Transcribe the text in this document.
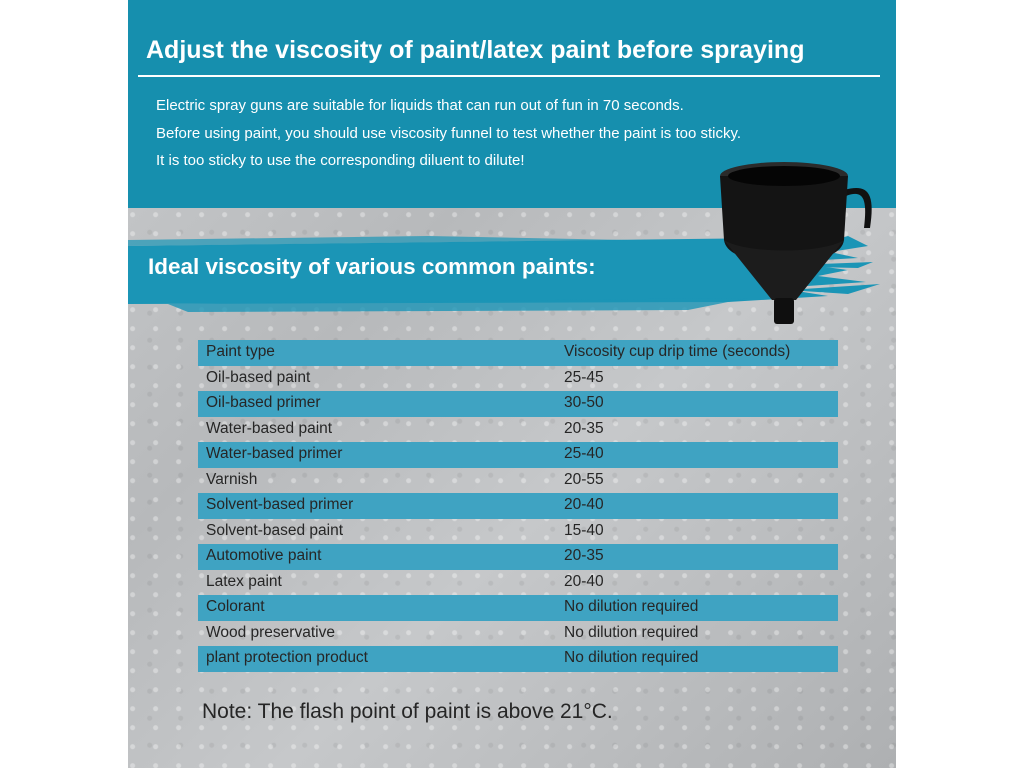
Adjust the viscosity of paint/latex paint before spraying
Electric spray guns are suitable for liquids that can run out of fun in 70 seconds.
Before using paint, you should use viscosity funnel to test whether the paint is too sticky.
It is too sticky to use the corresponding diluent to dilute!
Ideal viscosity of various common paints:
Paint type	Viscosity cup drip time (seconds)
Oil-based paint	25-45
Oil-based primer	30-50
Water-based paint	20-35
Water-based primer	25-40
Varnish	20-55
Solvent-based primer	20-40
Solvent-based paint	15-40
Automotive paint	20-35
Latex paint	20-40
Colorant	No dilution required
Wood preservative	No dilution required
plant protection product	No dilution required
Note: The flash point of paint is above 21°C.
